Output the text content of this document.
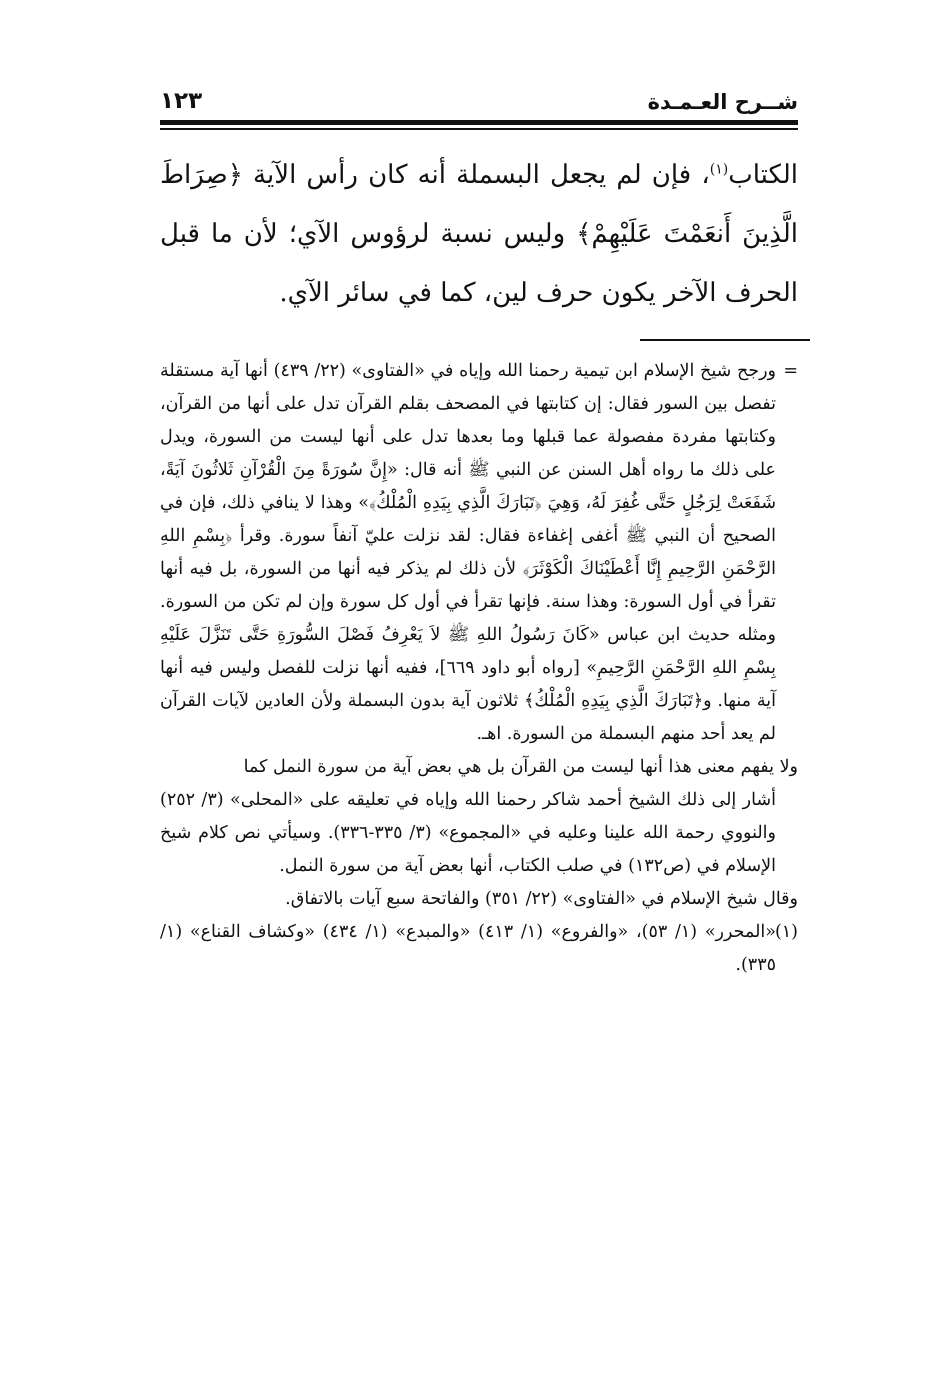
شــرح العـمـدة
١٢٣

الكتاب$^{(١)}$، فإن لم يجعل البسملة أنه كان رأس الآية ﴿صِرَاطَ الَّذِينَ أَنعَمْتَ عَلَيْهِمْ﴾ وليس نسبة لرؤوس الآي؛ لأن ما قبل الحرف الآخر يكون حرف لين، كما في سائر الآي.

=
ورجح شيخ الإسلام ابن تيمية رحمنا الله وإياه في «الفتاوى» (٢٢/ ٤٣٩) أنها آية مستقلة تفصل بين السور فقال: إن كتابتها في المصحف بقلم القرآن تدل على أنها من القرآن، وكتابتها مفردة مفصولة عما قبلها وما بعدها تدل على أنها ليست من السورة، ويدل على ذلك ما رواه أهل السنن عن النبي ﷺ أنه قال: «إِنَّ سُورَةً مِنَ الْقُرْآنِ ثَلاثُونَ آيَةً، شَفَعَتْ لِرَجُلٍ حَتَّى غُفِرَ لَهُ، وَهِيَ ﴿تَبَارَكَ الَّذِي بِيَدِهِ الْمُلْكُ﴾» وهذا لا ينافي ذلك، فإن في الصحيح أن النبي ﷺ أغفى إغفاءة فقال: لقد نزلت عليّ آنفاً سورة. وقرأ ﴿بِسْمِ اللهِ الرَّحْمَنِ الرَّحِيمِ إِنَّا أَعْطَيْنَاكَ الْكَوْثَرَ﴾ لأن ذلك لم يذكر فيه أنها من السورة، بل فيه أنها تقرأ في أول السورة: وهذا سنة. فإنها تقرأ في أول كل سورة وإن لم تكن من السورة. ومثله حديث ابن عباس «كَانَ رَسُولُ اللهِ ﷺ لاَ يَعْرِفُ فَصْلَ السُّورَةِ حَتَّى تَنَزَّلَ عَلَيْهِ بِسْمِ اللهِ الرَّحْمَنِ الرَّحِيمِ» [رواه أبو داود ٦٦٩]، ففيه أنها نزلت للفصل وليس فيه أنها آية منها. و﴿تَبَارَكَ الَّذِي بِيَدِهِ الْمُلْكُ﴾ ثلاثون آية بدون البسملة ولأن العادين لآيات القرآن لم يعد أحد منهم البسملة من السورة. اهـ.

ولا يفهم معنى هذا أنها ليست من القرآن بل هي بعض آية من سورة النمل كما

أشار إلى ذلك الشيخ أحمد شاكر رحمنا الله وإياه في تعليقه على «المحلى» (٣/ ٢٥٢) والنووي رحمة الله علينا وعليه في «المجموع» (٣/ ٣٣٥-٣٣٦). وسيأتي نص كلام شيخ الإسلام في (ص١٣٢) في صلب الكتاب، أنها بعض آية من سورة النمل.

وقال شيخ الإسلام في «الفتاوى» (٢٢/ ٣٥١) والفاتحة سبع آيات بالاتفاق.

(١)
«المحرر» (١/ ٥٣)، «والفروع» (١/ ٤١٣) «والمبدع» (١/ ٤٣٤) «وكشاف القناع» (١/ ٣٣٥).
